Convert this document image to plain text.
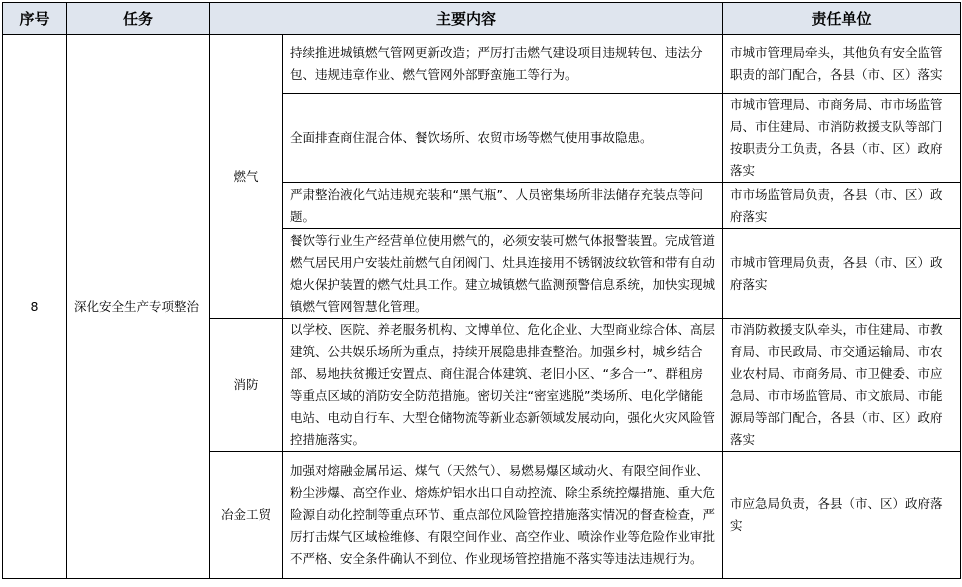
序号	任务	主要内容		责任单位
8	深化安全生产专项整治	燃气	持续推进城镇燃气管网更新改造；严厉打击燃气建设项目违规转包、违法分包、违规违章作业、燃气管网外部野蛮施工等行为。	市城市管理局牵头，其他负有安全监管职责的部门配合，各县（市、区）落实
			全面排查商住混合体、餐饮场所、农贸市场等燃气使用事故隐患。	市城市管理局、市商务局、市市场监管局、市住建局、市消防救援支队等部门按职责分工负责，各县（市、区）政府落实
			严肃整治液化气站违规充装和“黑气瓶”、人员密集场所非法储存充装点等问题。	市市场监管局负责，各县（市、区）政府落实
			餐饮等行业生产经营单位使用燃气的，必须安装可燃气体报警装置。完成管道燃气居民用户安装灶前燃气自闭阀门、灶具连接用不锈钢波纹软管和带有自动熄火保护装置的燃气灶具工作。建立城镇燃气监测预警信息系统，加快实现城镇燃气管网智慧化管理。	市城市管理局负责，各县（市、区）政府落实
		消防	以学校、医院、养老服务机构、文博单位、危化企业、大型商业综合体、高层建筑、公共娱乐场所为重点，持续开展隐患排查整治。加强乡村，城乡结合部、易地扶贫搬迁安置点、商住混合体建筑、老旧小区、“多合一”、群租房等重点区域的消防安全防范措施。密切关注“密室逃脱”类场所、电化学储能电站、电动自行车、大型仓储物流等新业态新领域发展动向，强化火灾风险管控措施落实。	市消防救援支队牵头，市住建局、市教育局、市民政局、市交通运输局、市农业农村局、市商务局、市卫健委、市应急局、市市场监管局、市文旅局、市能源局等部门配合，各县（市、区）政府落实
		冶金工贸	加强对熔融金属吊运、煤气（天然气）、易燃易爆区域动火、有限空间作业、粉尘涉爆、高空作业、熔炼炉铝水出口自动控流、除尘系统控爆措施、重大危险源自动化控制等重点环节、重点部位风险管控措施落实情况的督查检查，严厉打击煤气区域检维修、有限空间作业、高空作业、喷涂作业等危险作业审批不严格、安全条件确认不到位、作业现场管控措施不落实等违法违规行为。	市应急局负责，各县（市、区）政府落实
